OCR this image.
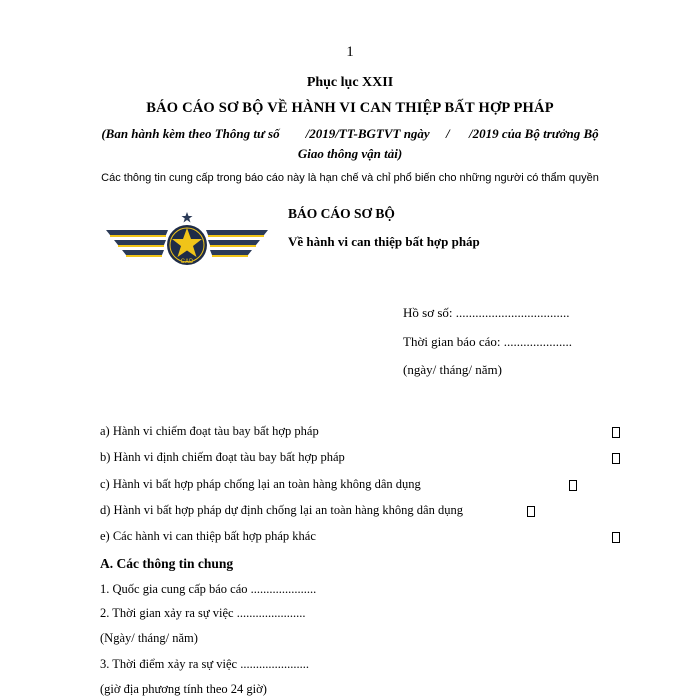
1
Phục lục XXII
BÁO CÁO SƠ BỘ VỀ HÀNH VI CAN THIỆP BẤT HỢP PHÁP
(Ban hành kèm theo Thông tư số        /2019/TT-BGTVT ngày     /      /2019 của Bộ trưởng Bộ
Giao thông vận tải)
Các thông tin cung cấp trong báo cáo này là hạn chế và chỉ phổ biến cho những người có thẩm quyền
CAD
BÁO CÁO SƠ BỘ
Về hành vi can thiệp bất hợp pháp
Hồ sơ số: ...................................
Thời gian báo cáo: .....................
(ngày/ tháng/ năm)
a) Hành vi chiếm đoạt tàu bay bất hợp pháp
b) Hành vi định chiếm đoạt tàu bay bất hợp pháp
c) Hành vi bất hợp pháp chống lại an toàn hàng không dân dụng
d) Hành vi bất hợp pháp dự định chống lại an toàn hàng không dân dụng
e) Các hành vi can thiệp bất hợp pháp khác
A. Các thông tin chung
1. Quốc gia cung cấp báo cáo .....................
2. Thời gian xảy ra sự việc ......................
(Ngày/ tháng/ năm)
3. Thời điểm xảy ra sự việc ......................
(giờ địa phương tính theo 24 giờ)
